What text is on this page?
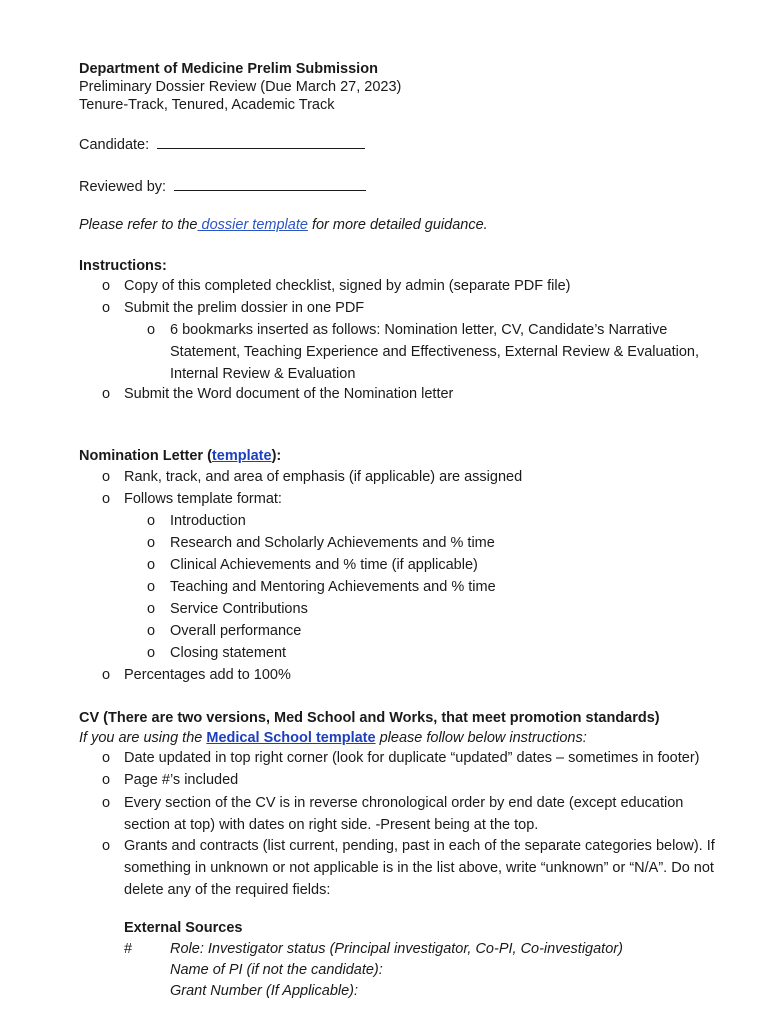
Department of Medicine Prelim Submission
Preliminary Dossier Review (Due March 27, 2023)
Tenure-Track, Tenured, Academic Track
Candidate:
Reviewed by:
Please refer to the dossier template for more detailed guidance.
Instructions:
o Copy of this completed checklist, signed by admin (separate PDF file)
o Submit the prelim dossier in one PDF
o 6 bookmarks inserted as follows: Nomination letter, CV, Candidate’s Narrative Statement, Teaching Experience and Effectiveness, External Review & Evaluation, Internal Review & Evaluation
o Submit the Word document of the Nomination letter
Nomination Letter (template):
o Rank, track, and area of emphasis (if applicable) are assigned
o Follows template format:
o Introduction
o Research and Scholarly Achievements and % time
o Clinical Achievements and % time (if applicable)
o Teaching and Mentoring Achievements and % time
o Service Contributions
o Overall performance
o Closing statement
o Percentages add to 100%
CV (There are two versions, Med School and Works, that meet promotion standards)
If you are using the Medical School template please follow below instructions:
o Date updated in top right corner (look for duplicate “updated” dates – sometimes in footer)
o Page #’s included
o Every section of the CV is in reverse chronological order by end date (except education section at top) with dates on right side. -Present being at the top.
o Grants and contracts (list current, pending, past in each of the separate categories below). If something in unknown or not applicable is in the list above, write “unknown” or “N/A”. Do not delete any of the required fields:
External Sources
#	Role: Investigator status (Principal investigator, Co-PI, Co-investigator)
Name of PI (if not the candidate):
Grant Number (If Applicable):
